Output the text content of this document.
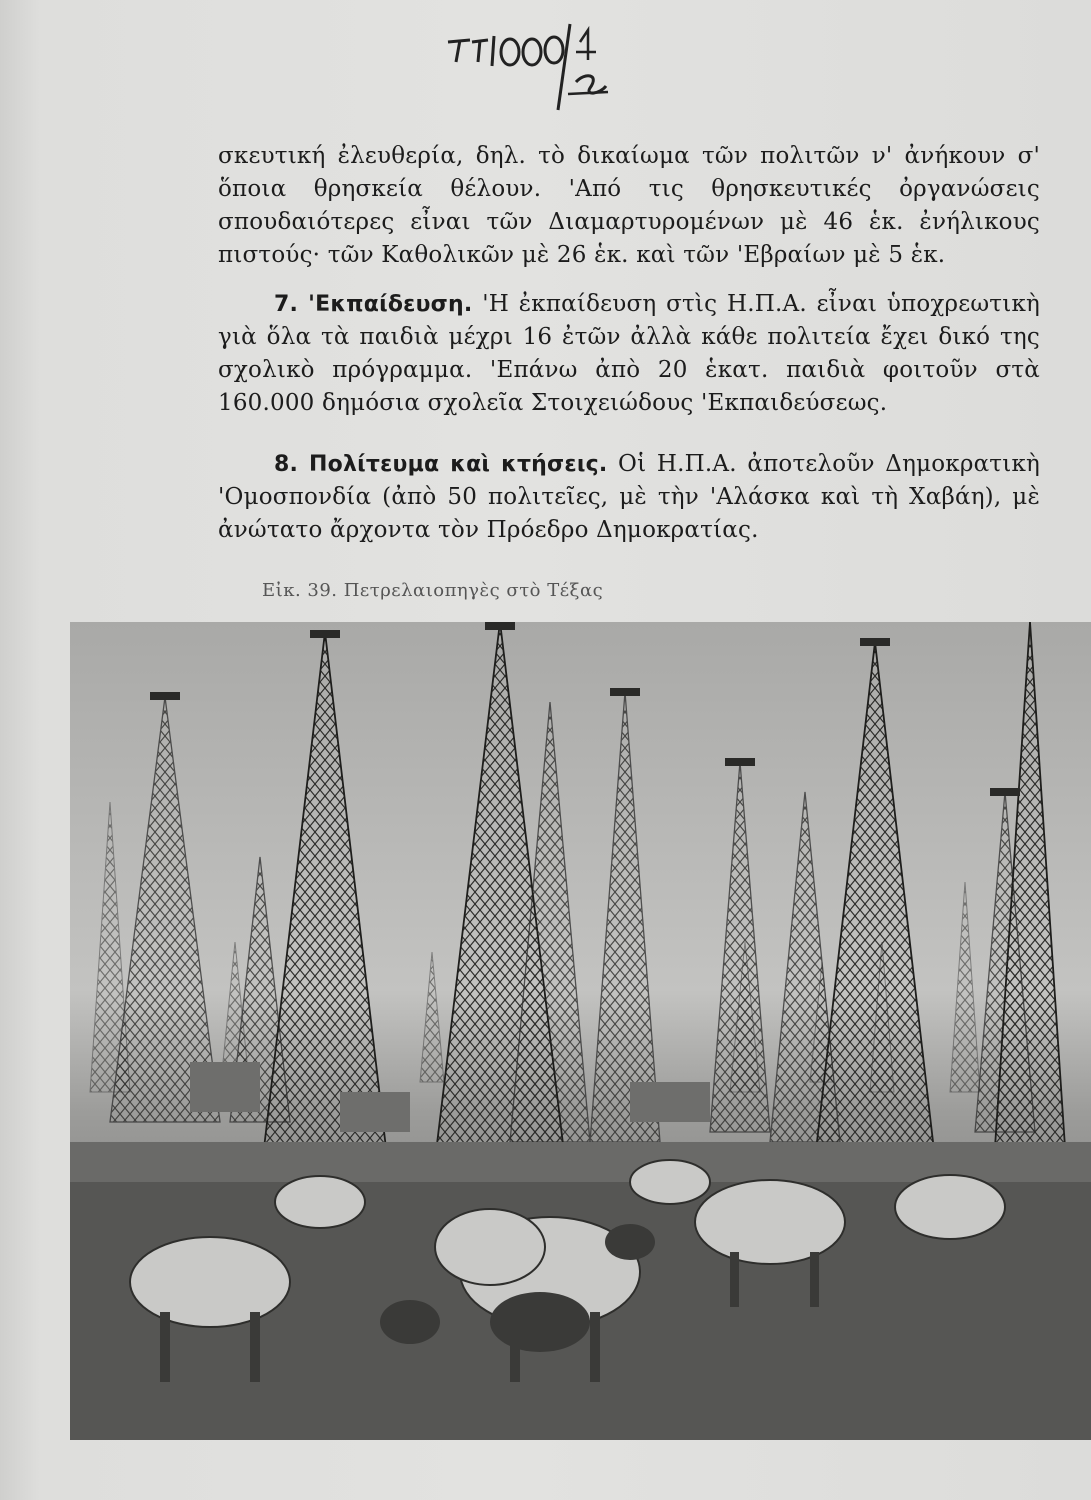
σκευτική ἐλευθερία, δηλ. τὸ δικαίωμα τῶν πολιτῶν ν' ἀνήκουν σ' ὅποια θρησκεία θέλουν. 'Από τις θρησκευτικές ὀργανώσεις σπουδαιότερες εἶναι τῶν Διαμαρτυρομένων μὲ 46 ἑκ. ἐνήλικους πιστούς· τῶν Καθολικῶν μὲ 26 ἑκ. καὶ τῶν 'Εβραίων μὲ 5 ἑκ.

7. 'Εκπαίδευση. 'Η ἐκπαίδευση στὶς Η.Π.Α. εἶναι ὑποχρεωτικὴ γιὰ ὅλα τὰ παιδιὰ μέχρι 16 ἐτῶν ἀλλὰ κάθε πολιτεία ἔχει δικό της σχολικὸ πρόγραμμα. 'Επάνω ἀπὸ 20 ἑκατ. παιδιὰ φοιτοῦν στὰ 160.000 δημόσια σχολεῖα Στοιχειώδους 'Εκπαιδεύσεως.

8. Πολίτευμα καὶ κτήσεις. Οἱ Η.Π.Α. ἀποτελοῦν Δημοκρατικὴ 'Ομοσπονδία (ἀπὸ 50 πολιτεῖες, μὲ τὴν 'Αλάσκα καὶ τὴ Χαβάη), μὲ ἀνώτατο ἄρχοντα τὸν Πρόεδρο Δημοκρατίας.

Εἰκ. 39. Πετρελαιοπηγὲς στὸ Τέξας
